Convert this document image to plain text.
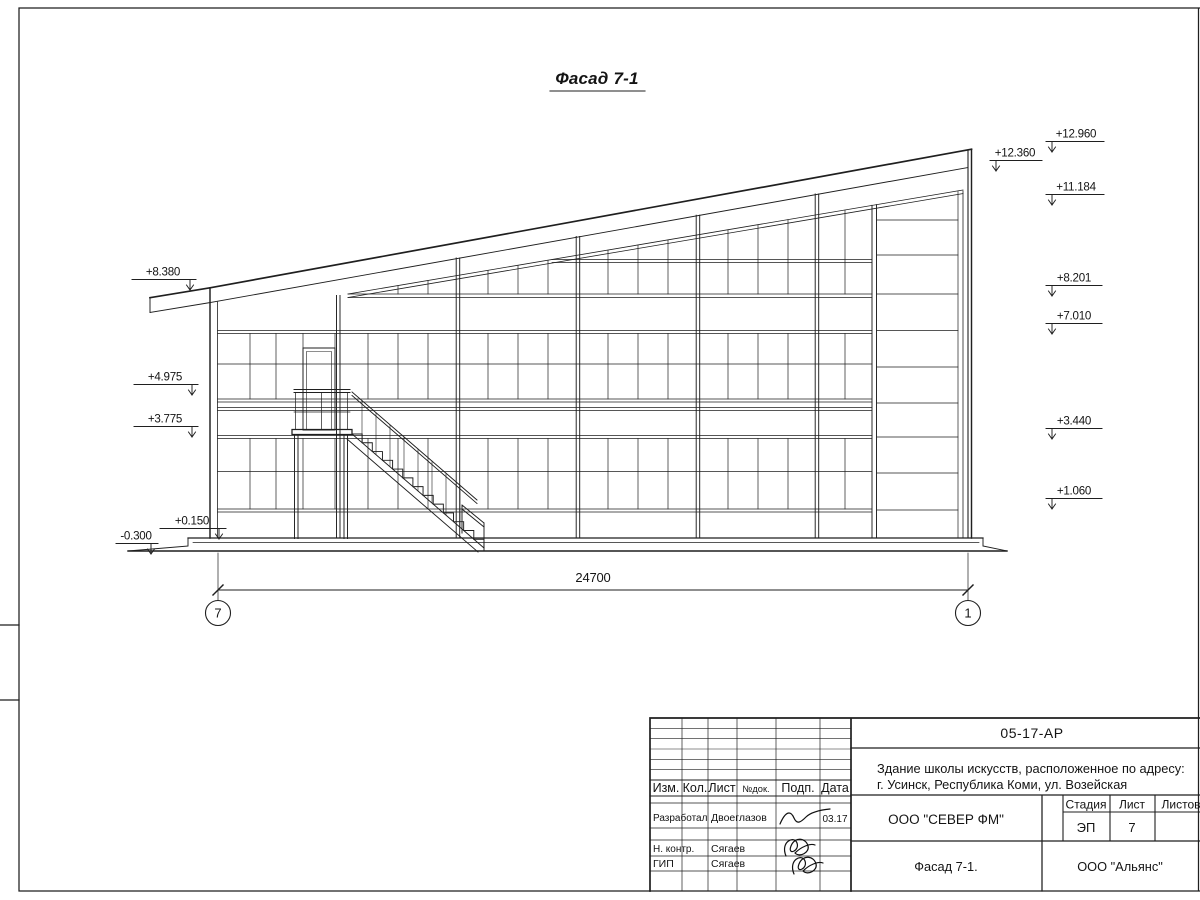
Фасад 7-1
24700
7	1
+8.380
+4.975
+3.775
+0.150
-0.300
+12.960
+12.360
+11.184
+8.201
+7.010
+3.440
+1.060
Изм. Кол. Лист №док. Подп. Дата
Разработал Двоеглазов	03.17
Н. контр. Сягаев
ГИП	Сягаев
05-17-АР
Здание школы искусств, расположенное по адресу:
г. Усинск, Республика Коми, ул. Возейская
ООО "СЕВЕР ФМ"
Фасад 7-1.	ООО "Альянс"
Стадия Лист Листов
ЭП	7
